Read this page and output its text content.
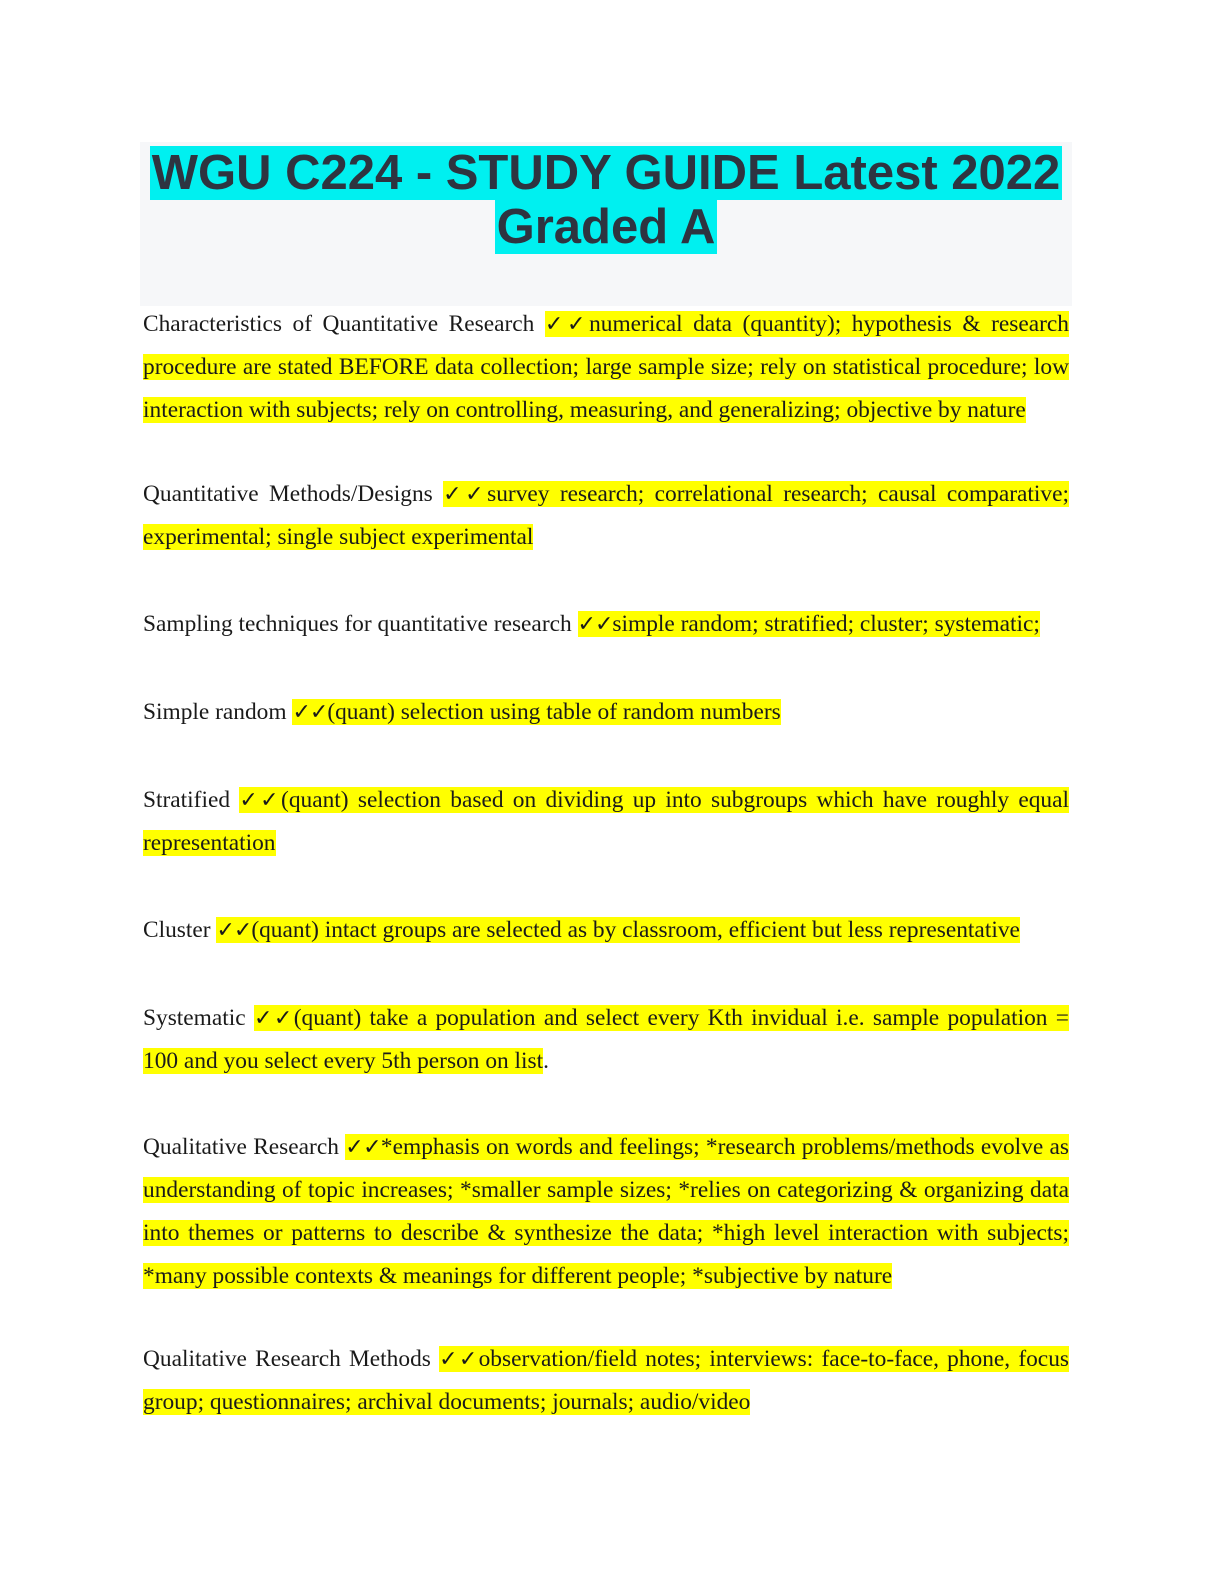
WGU C224 - STUDY GUIDE Latest 2022 Graded A

Characteristics of Quantitative Research ✓✓numerical data (quantity); hypothesis & research procedure are stated BEFORE data collection; large sample size; rely on statistical procedure; low interaction with subjects; rely on controlling, measuring, and generalizing; objective by nature

Quantitative Methods/Designs ✓✓survey research; correlational research; causal comparative; experimental; single subject experimental

Sampling techniques for quantitative research ✓✓simple random; stratified; cluster; systematic;

Simple random ✓✓(quant) selection using table of random numbers

Stratified ✓✓(quant) selection based on dividing up into subgroups which have roughly equal representation

Cluster ✓✓(quant) intact groups are selected as by classroom, efficient but less representative

Systematic ✓✓(quant) take a population and select every Kth invidual i.e. sample population = 100 and you select every 5th person on list.

Qualitative Research ✓✓*emphasis on words and feelings; *research problems/methods evolve as understanding of topic increases; *smaller sample sizes; *relies on categorizing & organizing data into themes or patterns to describe & synthesize the data; *high level interaction with subjects; *many possible contexts & meanings for different people; *subjective by nature

Qualitative Research Methods ✓✓observation/field notes; interviews: face-to-face, phone, focus group; questionnaires; archival documents; journals; audio/video
